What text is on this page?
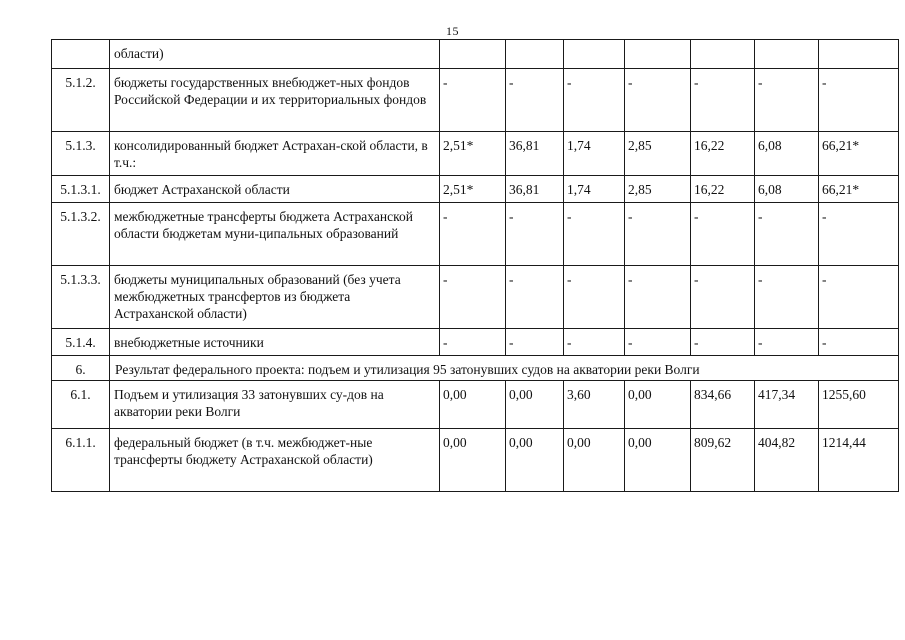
15
	области)							
5.1.2.	бюджеты государственных внебюджет-ных фондов Российской Федерации и их территориальных фондов	-	-	-	-	-	-	-
5.1.3.	консолидированный бюджет Астрахан-ской области, в т.ч.:	2,51*	36,81	1,74	2,85	16,22	6,08	66,21*
5.1.3.1.	бюджет Астраханской области	2,51*	36,81	1,74	2,85	16,22	6,08	66,21*
5.1.3.2.	межбюджетные трансферты бюджета Астраханской области бюджетам муни-ципальных образований	-	-	-	-	-	-	-
5.1.3.3.	бюджеты муниципальных образований (без учета межбюджетных трансфертов из бюджета Астраханской области)	-	-	-	-	-	-	-
5.1.4.	внебюджетные источники	-	-	-	-	-	-	-
6.	Результат федерального проекта: подъем и утилизация 95 затонувших судов на акватории реки Волги							
6.1.	Подъем и утилизация 33 затонувших су-дов на акватории реки Волги	0,00	0,00	3,60	0,00	834,66	417,34	1255,60
6.1.1.	федеральный бюджет (в т.ч. межбюджет-ные трансферты бюджету Астраханской области)	0,00	0,00	0,00	0,00	809,62	404,82	1214,44
